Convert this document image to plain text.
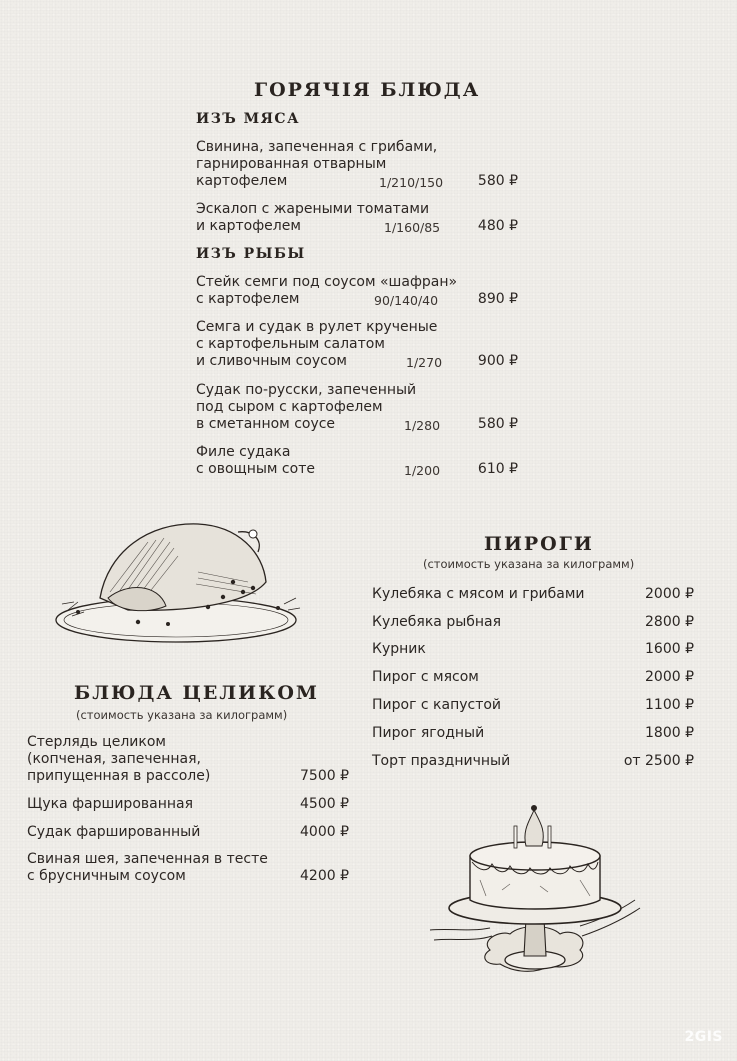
ГОРЯЧІЯ БЛЮДА
ИЗЪ МЯСА
Свинина, запеченная с грибами,
гарнированная отварным
картофелем	1/210/150 580 ₽
Эскалоп с жареными томатами
и картофелем	1/160/85	480 ₽
ИЗЪ РЫБЫ
Стейк семги под соусом «шафран»
с картофелем	90/140/40	890 ₽
Семга и судак в рулет крученые
с картофельным салатом
и сливочным соусом	1/270	900 ₽
Судак по-русски, запеченный
под сыром с картофелем
в сметанном соусе	1/280	580 ₽
Филе судака
с овощным соте	1/200	610 ₽
ПИРОГИ
(стоимость указана за килограмм)
Кулебяка с мясом и грибами	2000 ₽
Кулебяка рыбная	2800 ₽
Курник	1600 ₽
Пирог с мясом	2000 ₽
Пирог с капустой	1100 ₽
Пирог ягодный	1800 ₽
Торт праздничный	от 2500 ₽
БЛЮДА ЦЕЛИКОМ
(стоимость указана за килограмм)
Стерлядь целиком
(копченая, запеченная,
припущенная в рассоле)	7500 ₽
Щука фаршированная	4500 ₽
Судак фаршированный	4000 ₽
Свиная шея, запеченная в тесте
с брусничным соусом	4200 ₽
2GIS
